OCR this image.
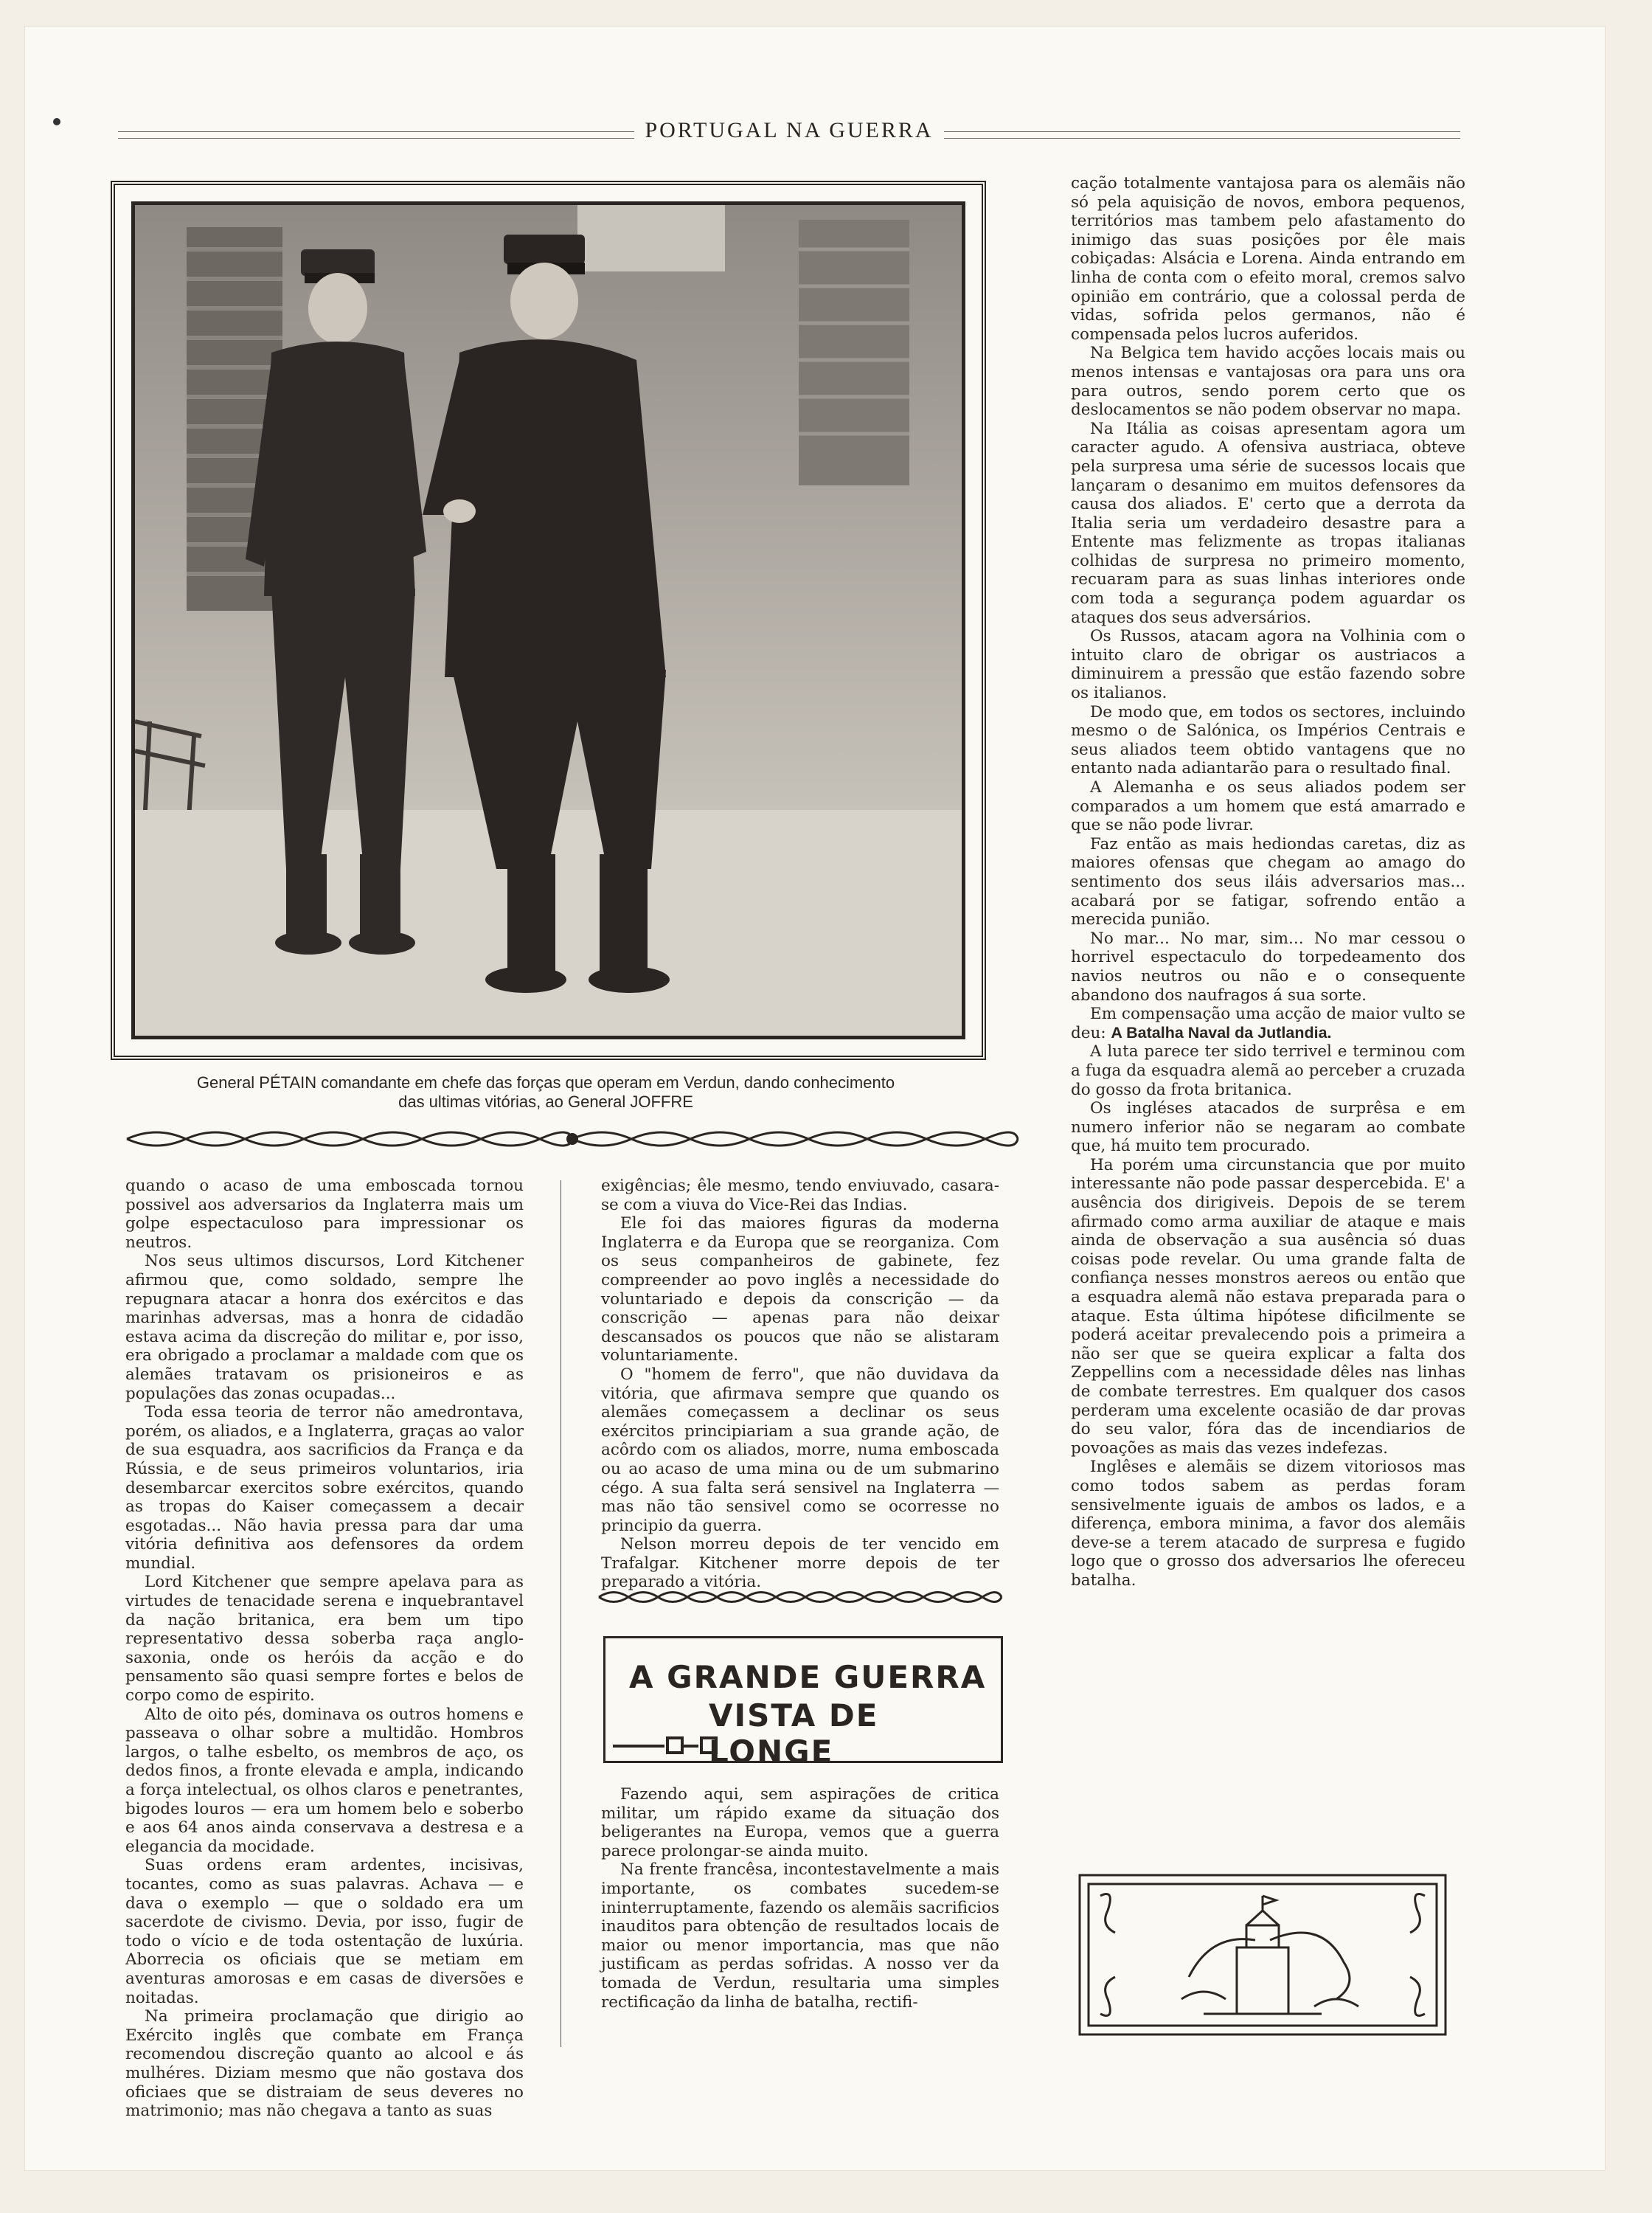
PORTUGAL NA GUERRA
General PÉTAIN comandante em chefe das forças que operam em Verdun, dando conhecimento
das ultimas vitórias, ao General JOFFRE

quando o acaso de uma emboscada tornou possivel aos adversarios da Inglaterra mais um golpe espectaculoso para impressionar os neutros.

Nos seus ultimos discursos, Lord Kitchener afirmou que, como soldado, sempre lhe repugnara atacar a honra dos exércitos e das marinhas adversas, mas a honra de cidadão estava acima da discreção do militar e, por isso, era obrigado a proclamar a maldade com que os alemães tratavam os prisioneiros e as populações das zonas ocupadas...

Toda essa teoria de terror não amedrontava, porém, os aliados, e a Inglaterra, graças ao valor de sua esquadra, aos sacrificios da França e da Rússia, e de seus primeiros voluntarios, iria desembarcar exercitos sobre exércitos, quando as tropas do Kaiser começassem a decair esgotadas... Não havia pressa para dar uma vitória definitiva aos defensores da ordem mundial.

Lord Kitchener que sempre apelava para as virtudes de tenacidade serena e inquebrantavel da nação britanica, era bem um tipo representativo dessa soberba raça anglo-saxonia, onde os heróis da acção e do pensamento são quasi sempre fortes e belos de corpo como de espirito.

Alto de oito pés, dominava os outros homens e passeava o olhar sobre a multidão. Hombros largos, o talhe esbelto, os membros de aço, os dedos finos, a fronte elevada e ampla, indicando a força intelectual, os olhos claros e penetrantes, bigodes louros — era um homem belo e soberbo e aos 64 anos ainda conservava a destresa e a elegancia da mocidade.

Suas ordens eram ardentes, incisivas, tocantes, como as suas palavras. Achava — e dava o exemplo — que o soldado era um sacerdote de civismo. Devia, por isso, fugir de todo o vício e de toda ostentação de luxúria. Aborrecia os oficiais que se metiam em aventuras amorosas e em casas de diversões e noitadas.

Na primeira proclamação que dirigio ao Exército inglês que combate em França recomendou discreção quanto ao alcool e ás mulhéres. Diziam mesmo que não gostava dos oficiaes que se distraiam de seus deveres no matrimonio; mas não chegava a tanto as suas

exigências; êle mesmo, tendo enviuvado, casara-se com a viuva do Vice-Rei das Indias.

Ele foi das maiores figuras da moderna Inglaterra e da Europa que se reorganiza. Com os seus companheiros de gabinete, fez compreender ao povo inglês a necessidade do voluntariado e depois da conscrição — da conscrição — apenas para não deixar descansados os poucos que não se alistaram voluntariamente.

O "homem de ferro", que não duvidava da vitória, que afirmava sempre que quando os alemães começassem a declinar os seus exércitos principiariam a sua grande ação, de acôrdo com os aliados, morre, numa emboscada ou ao acaso de uma mina ou de um submarino cégo. A sua falta será sensivel na Inglaterra — mas não tão sensivel como se ocorresse no principio da guerra.

Nelson morreu depois de ter vencido em Trafalgar. Kitchener morre depois de ter preparado a vitória.

A GRANDE GUERRA
VISTA DE LONGE

Fazendo aqui, sem aspirações de critica militar, um rápido exame da situação dos beligerantes na Europa, vemos que a guerra parece prolongar-se ainda muito.

Na frente francêsa, incontestavelmente a mais importante, os combates sucedem-se ininterruptamente, fazendo os alemãis sacrificios inauditos para obtenção de resultados locais de maior ou menor importancia, mas que não justificam as perdas sofridas. A nosso ver da tomada de Verdun, resultaria uma simples rectificação da linha de batalha, rectifi-

cação totalmente vantajosa para os alemãis não só pela aquisição de novos, embora pequenos, territórios mas tambem pelo afastamento do inimigo das suas posições por êle mais cobiçadas: Alsácia e Lorena. Ainda entrando em linha de conta com o efeito moral, cremos salvo opinião em contrário, que a colossal perda de vidas, sofrida pelos germanos, não é compensada pelos lucros auferidos.

Na Belgica tem havido acções locais mais ou menos intensas e vantajosas ora para uns ora para outros, sendo porem certo que os deslocamentos se não podem observar no mapa.

Na Itália as coisas apresentam agora um caracter agudo. A ofensiva austriaca, obteve pela surpresa uma série de sucessos locais que lançaram o desanimo em muitos defensores da causa dos aliados. E' certo que a derrota da Italia seria um verdadeiro desastre para a Entente mas felizmente as tropas italianas colhidas de surpresa no primeiro momento, recuaram para as suas linhas interiores onde com toda a segurança podem aguardar os ataques dos seus adversários.

Os Russos, atacam agora na Volhinia com o intuito claro de obrigar os austriacos a diminuirem a pressão que estão fazendo sobre os italianos.

De modo que, em todos os sectores, incluindo mesmo o de Salónica, os Impérios Centrais e seus aliados teem obtido vantagens que no entanto nada adiantarão para o resultado final.

A Alemanha e os seus aliados podem ser comparados a um homem que está amarrado e que se não pode livrar.

Faz então as mais hediondas caretas, diz as maiores ofensas que chegam ao amago do sentimento dos seus iláis adversarios mas... acabará por se fatigar, sofrendo então a merecida punião.

No mar... No mar, sim... No mar cessou o horrivel espectaculo do torpedeamento dos navios neutros ou não e o consequente abandono dos naufragos á sua sorte.

Em compensação uma acção de maior vulto se deu: A Batalha Naval da Jutlandia.

A luta parece ter sido terrivel e terminou com a fuga da esquadra alemã ao perceber a cruzada do gosso da frota britanica.

Os ingléses atacados de surprêsa e em numero inferior não se negaram ao combate que, há muito tem procurado.

Ha porém uma circunstancia que por muito interessante não pode passar despercebida. E' a ausência dos dirigiveis. Depois de se terem afirmado como arma auxiliar de ataque e mais ainda de observação a sua ausência só duas coisas pode revelar. Ou uma grande falta de confiança nesses monstros aereos ou então que a esquadra alemã não estava preparada para o ataque. Esta última hipótese dificilmente se poderá aceitar prevalecendo pois a primeira a não ser que se queira explicar a falta dos Zeppellins com a necessidade dêles nas linhas de combate terrestres. Em qualquer dos casos perderam uma excelente ocasião de dar provas do seu valor, fóra das de incendiarios de povoações as mais das vezes indefezas.

Inglêses e alemãis se dizem vitoriosos mas como todos sabem as perdas foram sensivelmente iguais de ambos os lados, e a diferença, embora minima, a favor dos alemãis deve-se a terem atacado de surpresa e fugido logo que o grosso dos adversarios lhe ofereceu batalha.
